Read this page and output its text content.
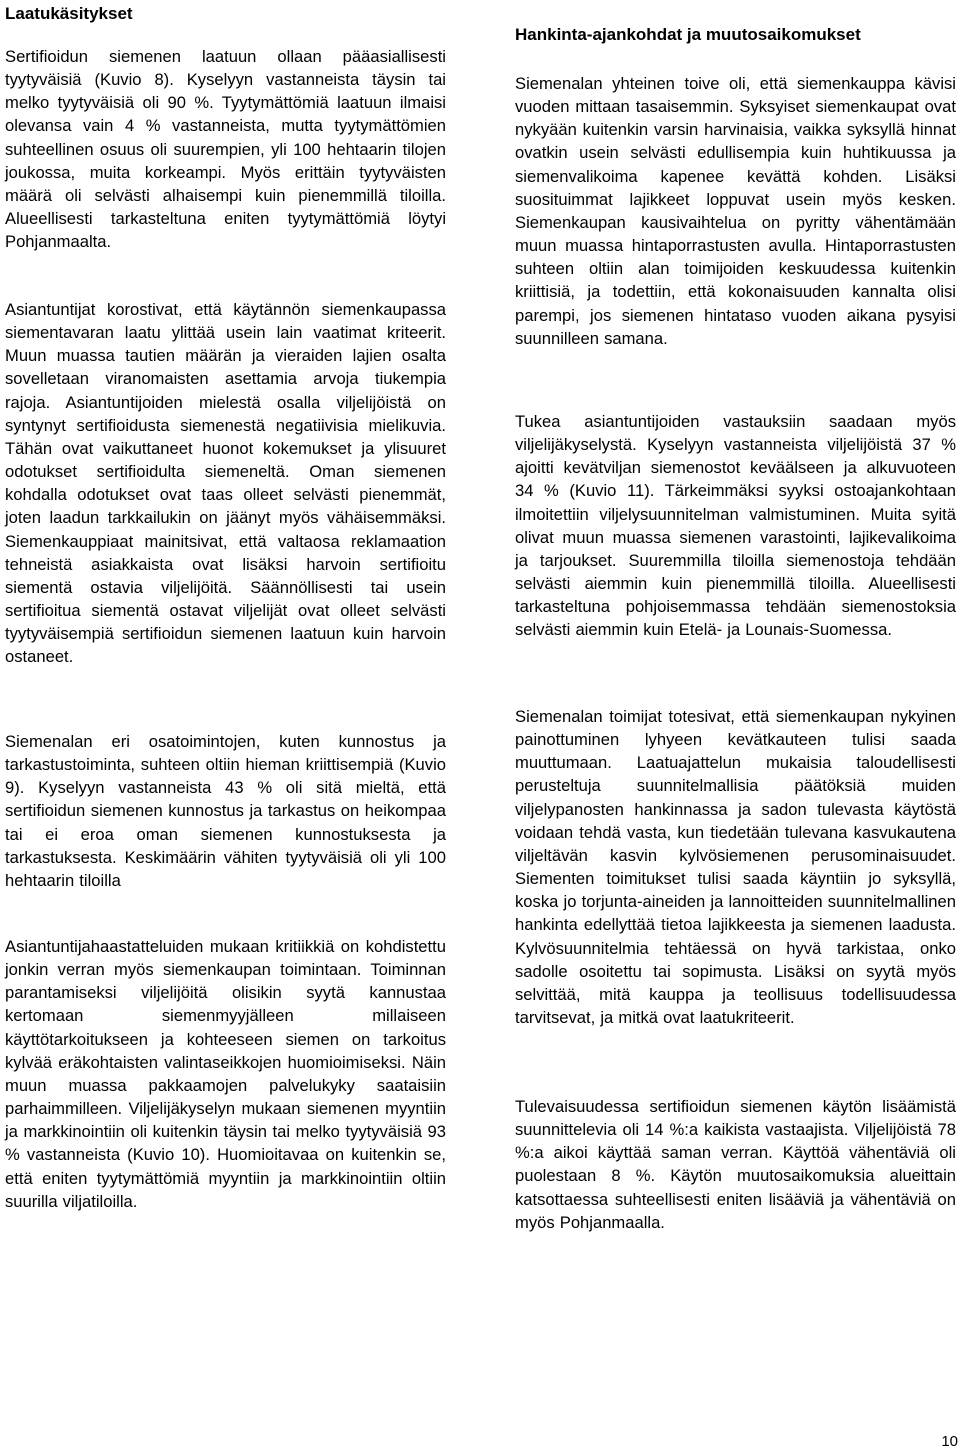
Laatukäsitykset

Sertifioidun siemenen laatuun ollaan pääasiallisesti tyytyväisiä (Kuvio 8). Kyselyyn vastanneista täysin tai melko tyytyväisiä oli 90 %. Tyytymättömiä laatuun ilmaisi olevansa vain 4 % vastanneista, mutta tyytymättömien suhteellinen osuus oli suurempien, yli 100 hehtaarin tilojen joukossa, muita korkeampi. Myös erittäin tyytyväisten määrä oli selvästi alhaisempi kuin pienemmillä tiloilla. Alueellisesti tarkasteltuna eniten tyytymättömiä löytyi Pohjanmaalta.

Asiantuntijat korostivat, että käytännön siemenkaupassa siementavaran laatu ylittää usein lain vaatimat kriteerit. Muun muassa tautien määrän ja vieraiden lajien osalta sovelletaan viranomaisten asettamia arvoja tiukempia rajoja. Asiantuntijoiden mielestä osalla viljelijöistä on syntynyt sertifioidusta siemenestä negatiivisia mielikuvia. Tähän ovat vaikuttaneet huonot kokemukset ja ylisuuret odotukset sertifioidulta siemeneltä. Oman siemenen kohdalla odotukset ovat taas olleet selvästi pienemmät, joten laadun tarkkailukin on jäänyt myös vähäisemmäksi. Siemenkauppiaat mainitsivat, että valtaosa reklamaation tehneistä asiakkaista ovat lisäksi harvoin sertifioitu siementä ostavia viljelijöitä. Säännöllisesti tai usein sertifioitua siementä ostavat viljelijät ovat olleet selvästi tyytyväisempiä sertifioidun siemenen laatuun kuin harvoin ostaneet.

Siemenalan eri osatoimintojen, kuten kunnostus ja tarkastustoiminta, suhteen oltiin hieman kriittisempiä (Kuvio 9). Kyselyyn vastanneista 43 % oli sitä mieltä, että sertifioidun siemenen kunnostus ja tarkastus on heikompaa tai ei eroa oman siemenen kunnostuksesta ja tarkastuksesta. Keskimäärin vähiten tyytyväisiä oli yli 100 hehtaarin tiloilla

Asiantuntijahaastatteluiden mukaan kritiikkiä on kohdistettu jonkin verran myös siemenkaupan toimintaan. Toiminnan parantamiseksi viljelijöitä olisikin syytä kannustaa kertomaan siemenmyyjälleen millaiseen käyttötarkoitukseen ja kohteeseen siemen on tarkoitus kylvää eräkohtaisten valintaseikkojen huomioimiseksi. Näin muun muassa pakkaamojen palvelukyky saataisiin parhaimmilleen. Viljelijäkyselyn mukaan siemenen myyntiin ja markkinointiin oli kuitenkin täysin tai melko tyytyväisiä 93 % vastanneista (Kuvio 10). Huomioitavaa on kuitenkin se, että eniten tyytymättömiä myyntiin ja markkinointiin oltiin suurilla viljatiloilla.

Hankinta-ajankohdat ja muutosaikomukset

Siemenalan yhteinen toive oli, että siemenkauppa kävisi vuoden mittaan tasaisemmin. Syksyiset siemenkaupat ovat nykyään kuitenkin varsin harvinaisia, vaikka syksyllä hinnat ovatkin usein selvästi edullisempia kuin huhtikuussa ja siemenvalikoima kapenee kevättä kohden. Lisäksi suosituimmat lajikkeet loppuvat usein myös kesken. Siemenkaupan kausivaihtelua on pyritty vähentämään muun muassa hintaporrastusten avulla. Hintaporrastusten suhteen oltiin alan toimijoiden keskuudessa kuitenkin kriittisiä, ja todettiin, että kokonaisuuden kannalta olisi parempi, jos siemenen hintataso vuoden aikana pysyisi suunnilleen samana.

Tukea asiantuntijoiden vastauksiin saadaan myös viljelijäkyselystä. Kyselyyn vastanneista viljelijöistä 37 % ajoitti kevätviljan siemenostot keväälseen ja alkuvuoteen 34 % (Kuvio 11). Tärkeimmäksi syyksi ostoajankohtaan ilmoitettiin viljelysuunnitelman valmistuminen. Muita syitä olivat muun muassa siemenen varastointi, lajikevalikoima ja tarjoukset. Suuremmilla tiloilla siemenostoja tehdään selvästi aiemmin kuin pienemmillä tiloilla. Alueellisesti tarkasteltuna pohjoisemmassa tehdään siemenostoksia selvästi aiemmin kuin Etelä- ja Lounais-Suomessa.

Siemenalan toimijat totesivat, että siemenkaupan nykyinen painottuminen lyhyeen kevätkauteen tulisi saada muuttumaan. Laatuajattelun mukaisia taloudellisesti perusteltuja suunnitelmallisia päätöksiä muiden viljelypanosten hankinnassa ja sadon tulevasta käytöstä voidaan tehdä vasta, kun tiedetään tulevana kasvukautena viljeltävän kasvin kylvösiemenen perusominaisuudet. Siementen toimitukset tulisi saada käyntiin jo syksyllä, koska jo torjunta-aineiden ja lannoitteiden suunnitelmallinen hankinta edellyttää tietoa lajikkeesta ja siemenen laadusta. Kylvösuunnitelmia tehtäessä on hyvä tarkistaa, onko sadolle osoitettu tai sopimusta. Lisäksi on syytä myös selvittää, mitä kauppa ja teollisuus todellisuudessa tarvitsevat, ja mitkä ovat laatukriteerit.

Tulevaisuudessa sertifioidun siemenen käytön lisäämistä suunnittelevia oli 14 %:a kaikista vastaajista. Viljelijöistä 78 %:a aikoi käyttää saman verran. Käyttöä vähentäviä oli puolestaan 8 %. Käytön muutosaikomuksia alueittain katsottaessa suhteellisesti eniten lisääviä ja vähentäviä on myös Pohjanmaalla.

10
